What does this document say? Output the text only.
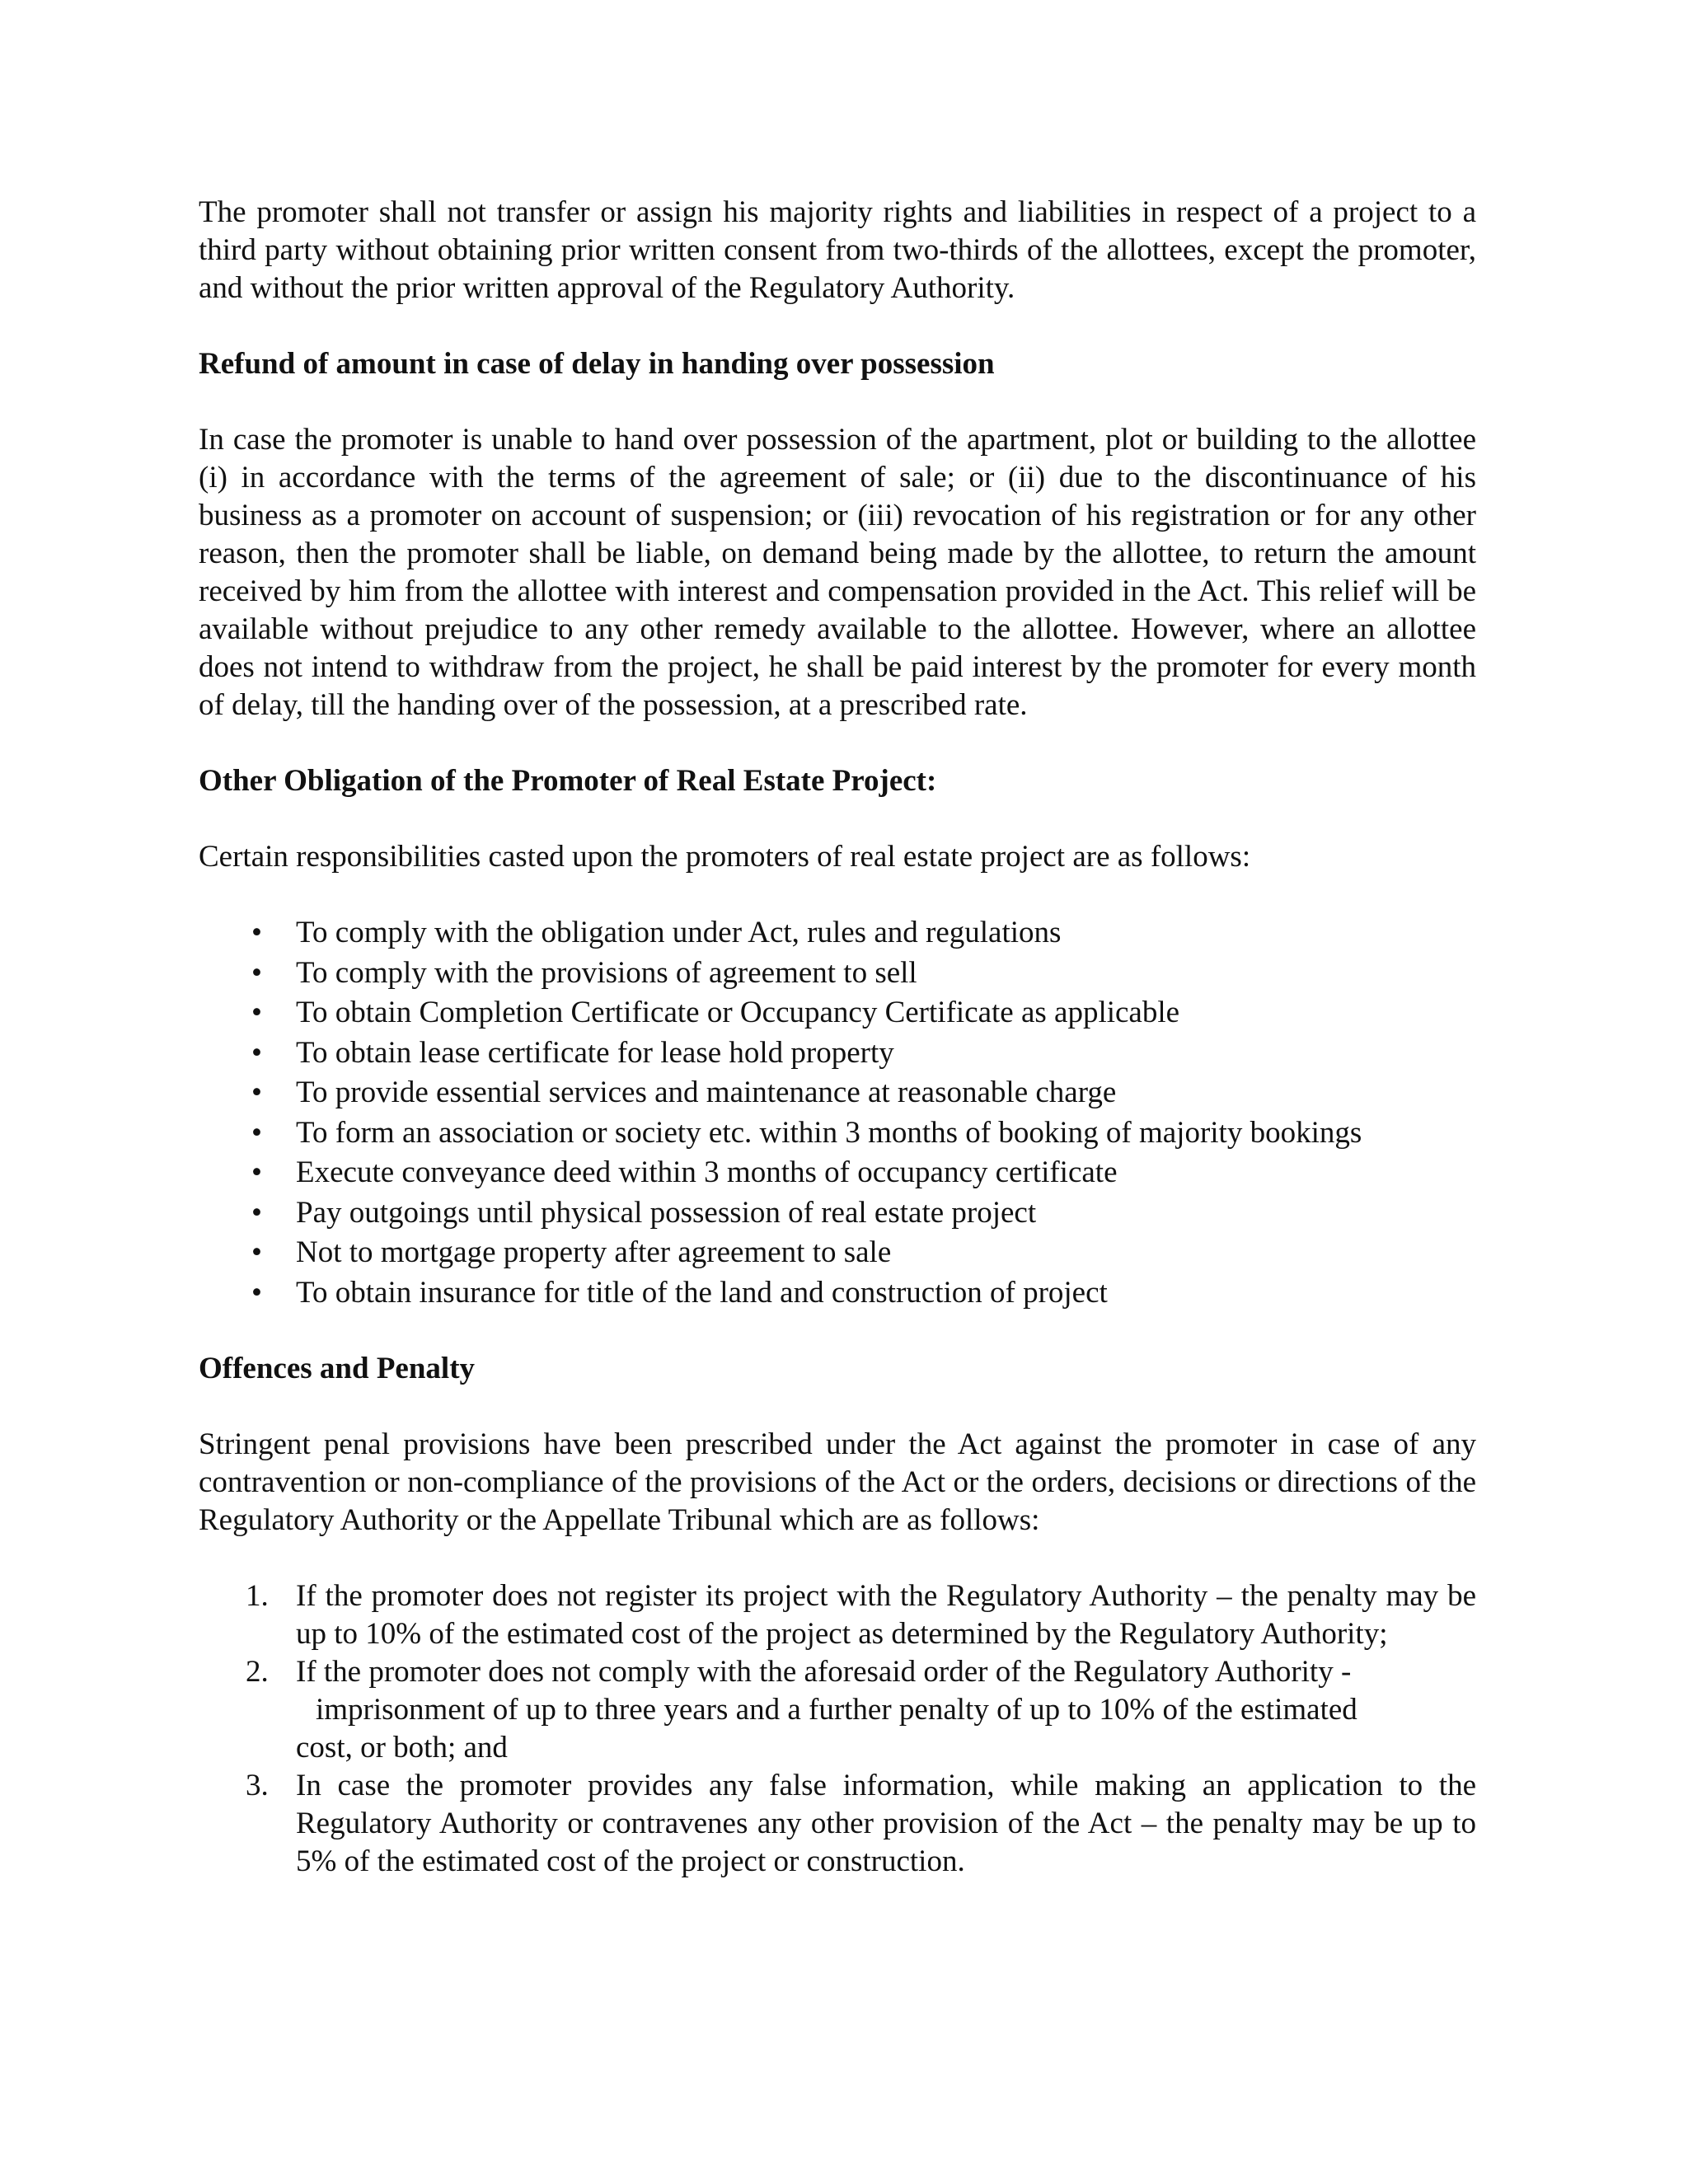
The promoter shall not transfer or assign his majority rights and liabilities in respect of a project to a third party without obtaining prior written consent from two-thirds of the allottees, except the promoter, and without the prior written approval of the Regulatory Authority.

Refund of amount in case of delay in handing over possession

In case the promoter is unable to hand over possession of the apartment, plot or building to the allottee (i) in accordance with the terms of the agreement of sale; or (ii) due to the discontinuance of his business as a promoter on account of suspension; or (iii) revocation of his registration or for any other reason, then the promoter shall be liable, on demand being made by the allottee, to return the amount received by him from the allottee with interest and compensation provided in the Act. This relief will be available without prejudice to any other remedy available to the allottee. However, where an allottee does not intend to withdraw from the project, he shall be paid interest by the promoter for every month of delay, till the handing over of the possession, at a prescribed rate.

Other Obligation of the Promoter of Real Estate Project:

Certain responsibilities casted upon the promoters of real estate project are as follows:

• To comply with the obligation under Act, rules and regulations
• To comply with the provisions of agreement to sell
• To obtain Completion Certificate or Occupancy Certificate as applicable
• To obtain lease certificate for lease hold property
• To provide essential services and maintenance at reasonable charge
• To form an association or society etc. within 3 months of booking of majority bookings
• Execute conveyance deed within 3 months of occupancy certificate
• Pay outgoings until physical possession of real estate project
• Not to mortgage property after agreement to sale
• To obtain insurance for title of the land and construction of project

Offences and Penalty

Stringent penal provisions have been prescribed under the Act against the promoter in case of any contravention or non-compliance of the provisions of the Act or the orders, decisions or directions of the Regulatory Authority or the Appellate Tribunal which are as follows:

1. If the promoter does not register its project with the Regulatory Authority – the penalty may be up to 10% of the estimated cost of the project as determined by the Regulatory Authority;
2. If the promoter does not comply with the aforesaid order of the Regulatory Authority -
imprisonment of up to three years and a further penalty of up to 10% of the estimated
cost, or both; and
3. In case the promoter provides any false information, while making an application to the Regulatory Authority or contravenes any other provision of the Act – the penalty may be up to 5% of the estimated cost of the project or construction.
